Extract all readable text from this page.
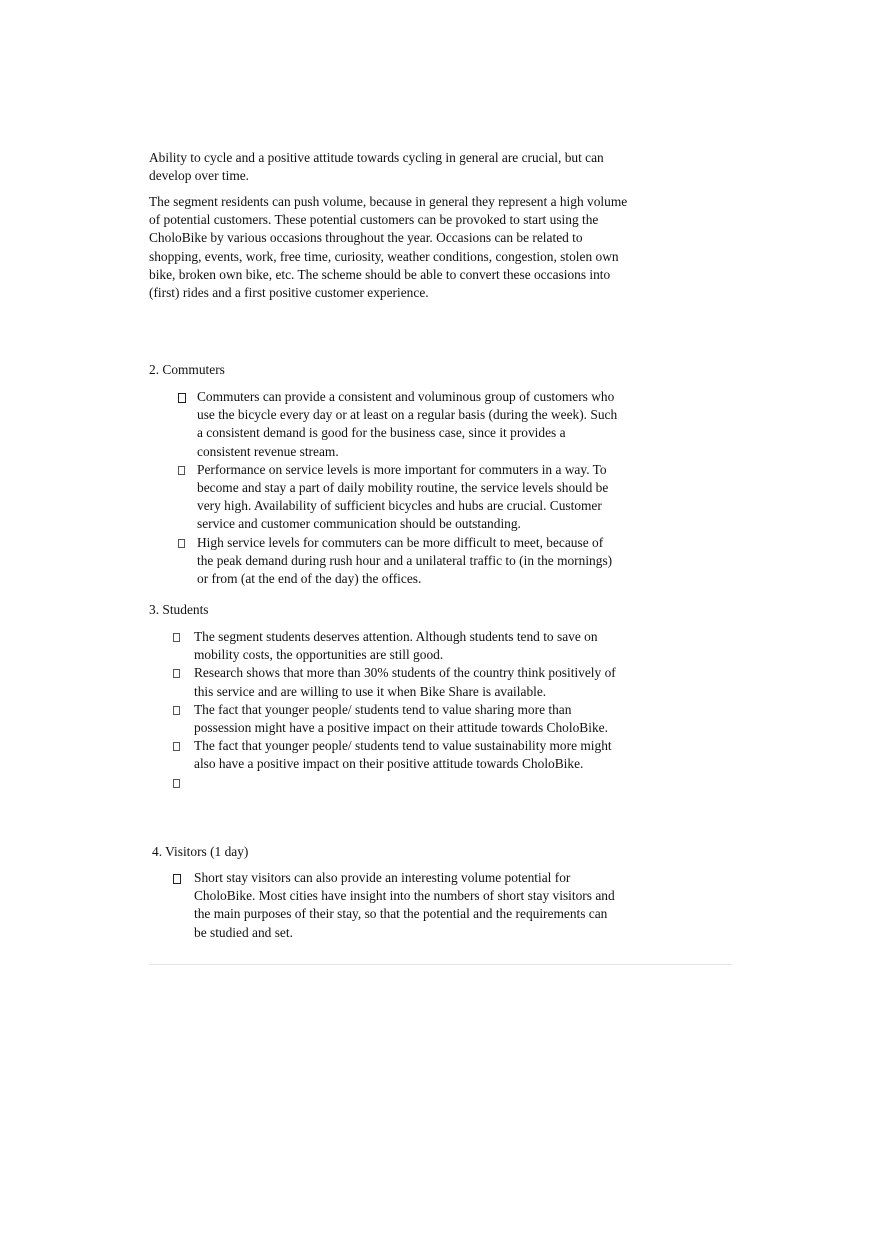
Ability to cycle and a positive attitude towards cycling in general are crucial, but can develop over time.

The segment residents can push volume, because in general they represent a high volume of potential customers. These potential customers can be provoked to start using the CholoBike by various occasions throughout the year. Occasions can be related to shopping, events, work, free time, curiosity, weather conditions, congestion, stolen own bike, broken own bike, etc. The scheme should be able to convert these occasions into (first) rides and a first positive customer experience.

2. Commuters

Commuters can provide a consistent and voluminous group of customers who use the bicycle every day or at least on a regular basis (during the week). Such a consistent demand is good for the business case, since it provides a consistent revenue stream.
Performance on service levels is more important for commuters in a way. To become and stay a part of daily mobility routine, the service levels should be very high. Availability of sufficient bicycles and hubs are crucial. Customer service and customer communication should be outstanding.
High service levels for commuters can be more difficult to meet, because of the peak demand during rush hour and a unilateral traffic to (in the mornings) or from (at the end of the day) the offices.

3. Students

The segment students deserves attention. Although students tend to save on mobility costs, the opportunities are still good.
Research shows that more than 30% students of the country think positively of this service and are willing to use it when Bike Share is available.
The fact that younger people/ students tend to value sharing more than possession might have a positive impact on their attitude towards CholoBike.
The fact that younger people/ students tend to value sustainability more might also have a positive impact on their positive attitude towards CholoBike.

4. Visitors (1 day)

Short stay visitors can also provide an interesting volume potential for CholoBike. Most cities have insight into the numbers of short stay visitors and the main purposes of their stay, so that the potential and the requirements can be studied and set.
